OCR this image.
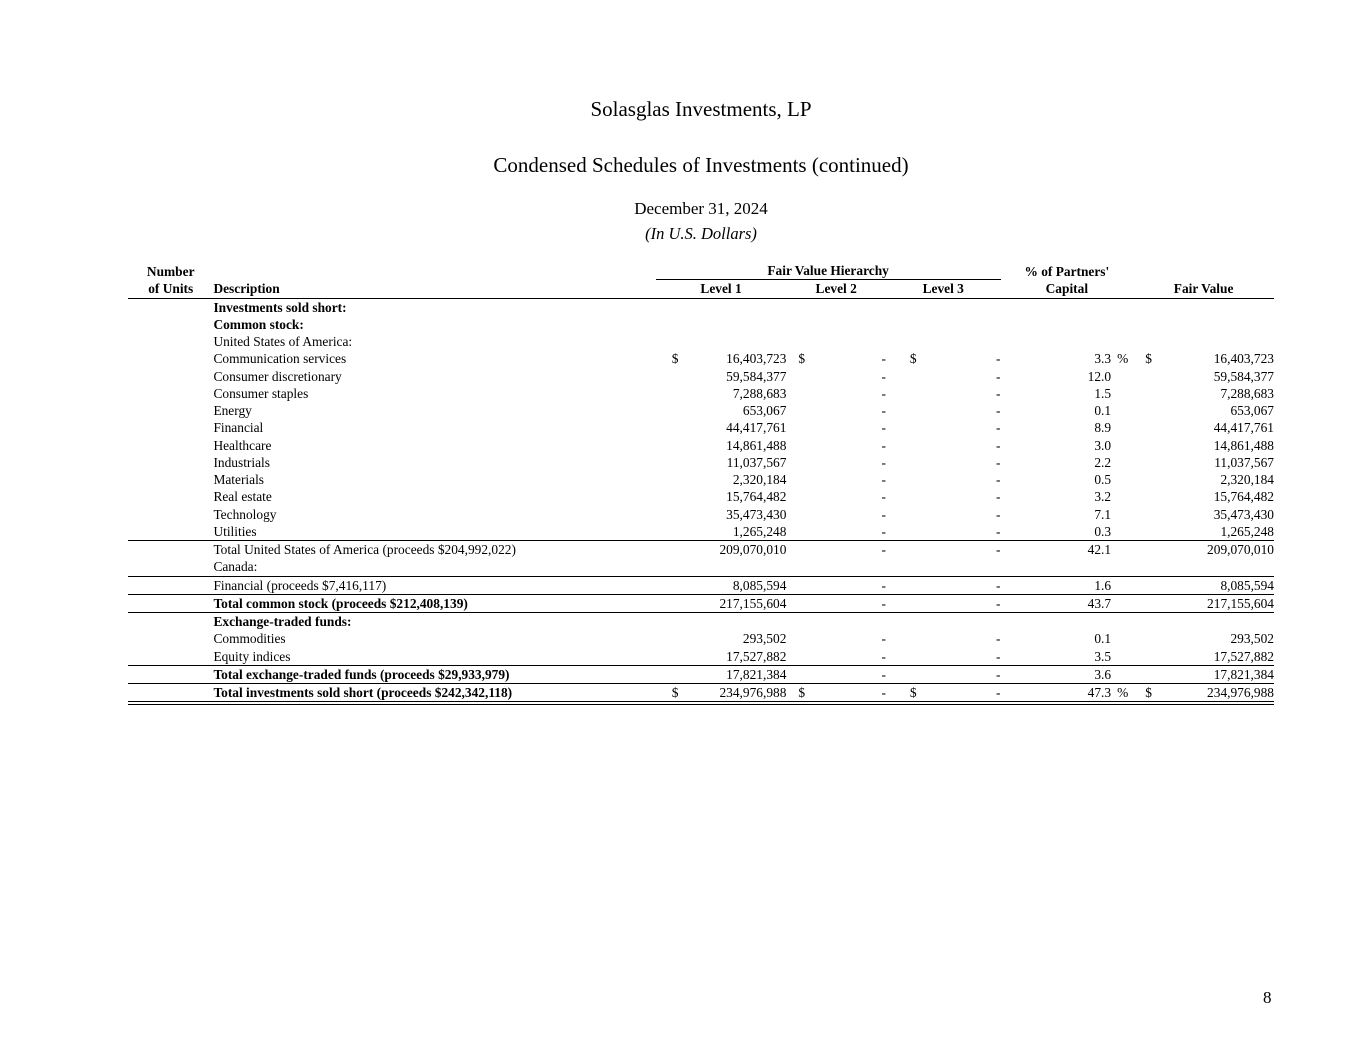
Solasglas Investments, LP
Condensed Schedules of Investments (continued)
December 31, 2024
(In U.S. Dollars)
Number		Fair Value Hierarchy						% of Partners'			
of Units	Description	Level 1		Level 2		Level 3		Capital		Fair Value	
	Investments sold short:										
	Common stock:										
	United States of America:										
	Communication services	$	16,403,723	$	-	$	-	3.3	%	$	16,403,723
	Consumer discretionary		59,584,377		-		-	12.0			59,584,377
	Consumer staples		7,288,683		-		-	1.5			7,288,683
	Energy		653,067		-		-	0.1			653,067
	Financial		44,417,761		-		-	8.9			44,417,761
	Healthcare		14,861,488		-		-	3.0			14,861,488
	Industrials		11,037,567		-		-	2.2			11,037,567
	Materials		2,320,184		-		-	0.5			2,320,184
	Real estate		15,764,482		-		-	3.2			15,764,482
	Technology		35,473,430		-		-	7.1			35,473,430
	Utilities		1,265,248		-		-	0.3			1,265,248
	Total United States of America (proceeds $204,992,022)		209,070,010		-		-	42.1			209,070,010
	Canada:										
	Financial (proceeds $7,416,117)		8,085,594		-		-	1.6			8,085,594
	Total common stock (proceeds $212,408,139)		217,155,604		-		-	43.7			217,155,604
	Exchange-traded funds:										
	Commodities		293,502		-		-	0.1			293,502
	Equity indices		17,527,882		-		-	3.5			17,527,882
	Total exchange-traded funds (proceeds $29,933,979)		17,821,384		-		-	3.6			17,821,384
	Total investments sold short (proceeds $242,342,118)	$	234,976,988	$	-	$	-	47.3	%	$	234,976,988
8
